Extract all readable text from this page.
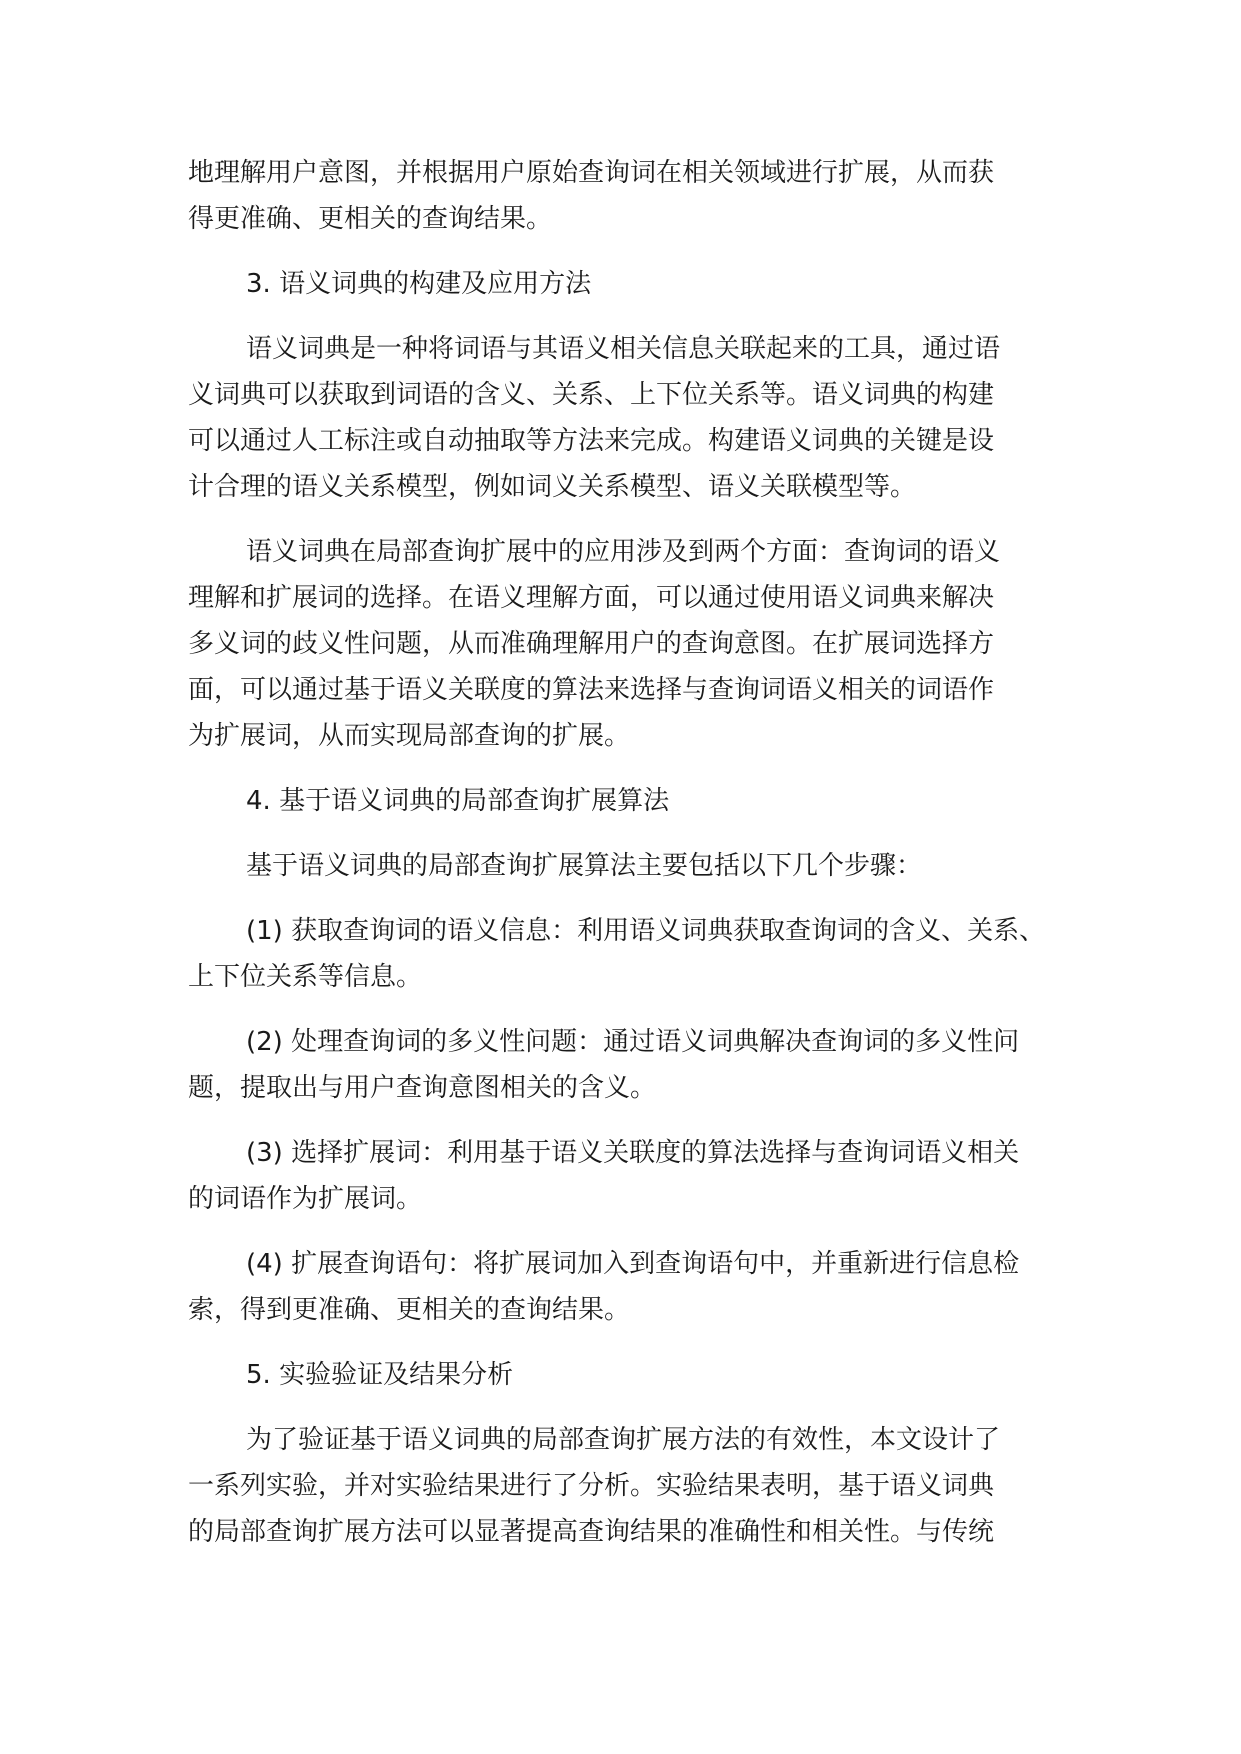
地理解用户意图，并根据用户原始查询词在相关领域进行扩展，从而获
得更准确、更相关的查询结果。

3. 语义词典的构建及应用方法

语义词典是一种将词语与其语义相关信息关联起来的工具，通过语
义词典可以获取到词语的含义、关系、上下位关系等。语义词典的构建
可以通过人工标注或自动抽取等方法来完成。构建语义词典的关键是设
计合理的语义关系模型，例如词义关系模型、语义关联模型等。

语义词典在局部查询扩展中的应用涉及到两个方面：查询词的语义
理解和扩展词的选择。在语义理解方面，可以通过使用语义词典来解决
多义词的歧义性问题，从而准确理解用户的查询意图。在扩展词选择方
面，可以通过基于语义关联度的算法来选择与查询词语义相关的词语作
为扩展词，从而实现局部查询的扩展。

4. 基于语义词典的局部查询扩展算法

基于语义词典的局部查询扩展算法主要包括以下几个步骤：

(1) 获取查询词的语义信息：利用语义词典获取查询词的含义、关系、
上下位关系等信息。

(2) 处理查询词的多义性问题：通过语义词典解决查询词的多义性问
题，提取出与用户查询意图相关的含义。

(3) 选择扩展词：利用基于语义关联度的算法选择与查询词语义相关
的词语作为扩展词。

(4) 扩展查询语句：将扩展词加入到查询语句中，并重新进行信息检
索，得到更准确、更相关的查询结果。

5. 实验验证及结果分析

为了验证基于语义词典的局部查询扩展方法的有效性，本文设计了
一系列实验，并对实验结果进行了分析。实验结果表明，基于语义词典
的局部查询扩展方法可以显著提高查询结果的准确性和相关性。与传统
